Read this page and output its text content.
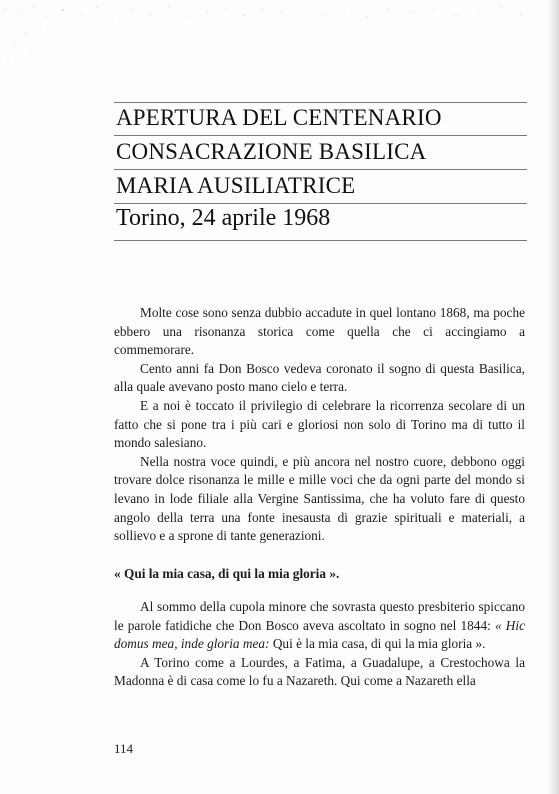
APERTURA DEL CENTENARIO
CONSACRAZIONE BASILICA
MARIA AUSILIATRICE
Torino, 24 aprile 1968

Molte cose sono senza dubbio accadute in quel lontano 1868, ma poche ebbero una risonanza storica come quella che ci accingiamo a commemorare.

Cento anni fa Don Bosco vedeva coronato il sogno di questa Basilica, alla quale avevano posto mano cielo e terra.

E a noi è toccato il privilegio di celebrare la ricorrenza secolare di un fatto che si pone tra i più cari e gloriosi non solo di Torino ma di tutto il mondo salesiano.

Nella nostra voce quindi, e più ancora nel nostro cuore, debbono oggi trovare dolce risonanza le mille e mille voci che da ogni parte del mondo si levano in lode filiale alla Vergine Santissima, che ha voluto fare di questo angolo della terra una fonte inesausta di grazie spirituali e materiali, a sollievo e a sprone di tante generazioni.

« Qui la mia casa, di qui la mia gloria ».

Al sommo della cupola minore che sovrasta questo presbiterio spiccano le parole fatidiche che Don Bosco aveva ascoltato in sogno nel 1844: « Hic domus mea, inde gloria mea: Qui è la mia casa, di qui la mia gloria ».

A Torino come a Lourdes, a Fatima, a Guadalupe, a Crestochowa la Madonna è di casa come lo fu a Nazareth. Qui come a Nazareth ella

114
